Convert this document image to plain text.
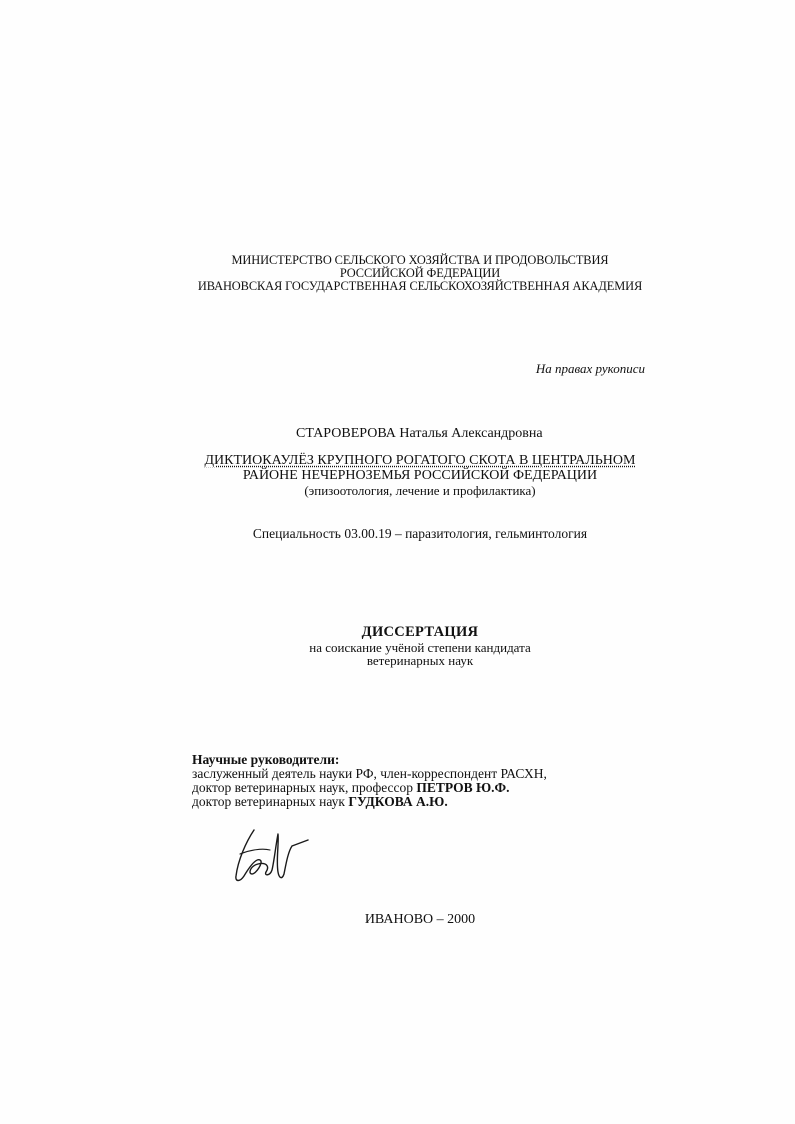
МИНИСТЕРСТВО СЕЛЬСКОГО ХОЗЯЙСТВА И ПРОДОВОЛЬСТВИЯ
РОССИЙСКОЙ ФЕДЕРАЦИИ
ИВАНОВСКАЯ ГОСУДАРСТВЕННАЯ СЕЛЬСКОХОЗЯЙСТВЕННАЯ АКАДЕМИЯ
На правах рукописи
СТАРОВЕРОВА Наталья Александровна
ДИКТИОКАУЛЁЗ КРУПНОГО РОГАТОГО СКОТА В ЦЕНТРАЛЬНОМ
РАЙОНЕ НЕЧЕРНОЗЕМЬЯ РОССИЙСКОЙ ФЕДЕРАЦИИ
(эпизоотология, лечение и профилактика)
Специальность 03.00.19 – паразитология, гельминтология
ДИССЕРТАЦИЯ
на соискание учёной степени кандидата
ветеринарных наук
Научные руководители:
заслуженный деятель науки РФ, член-корреспондент РАСХН,
доктор ветеринарных наук, профессор ПЕТРОВ Ю.Ф.
доктор ветеринарных наук ГУДКОВА А.Ю.
ИВАНОВО – 2000
